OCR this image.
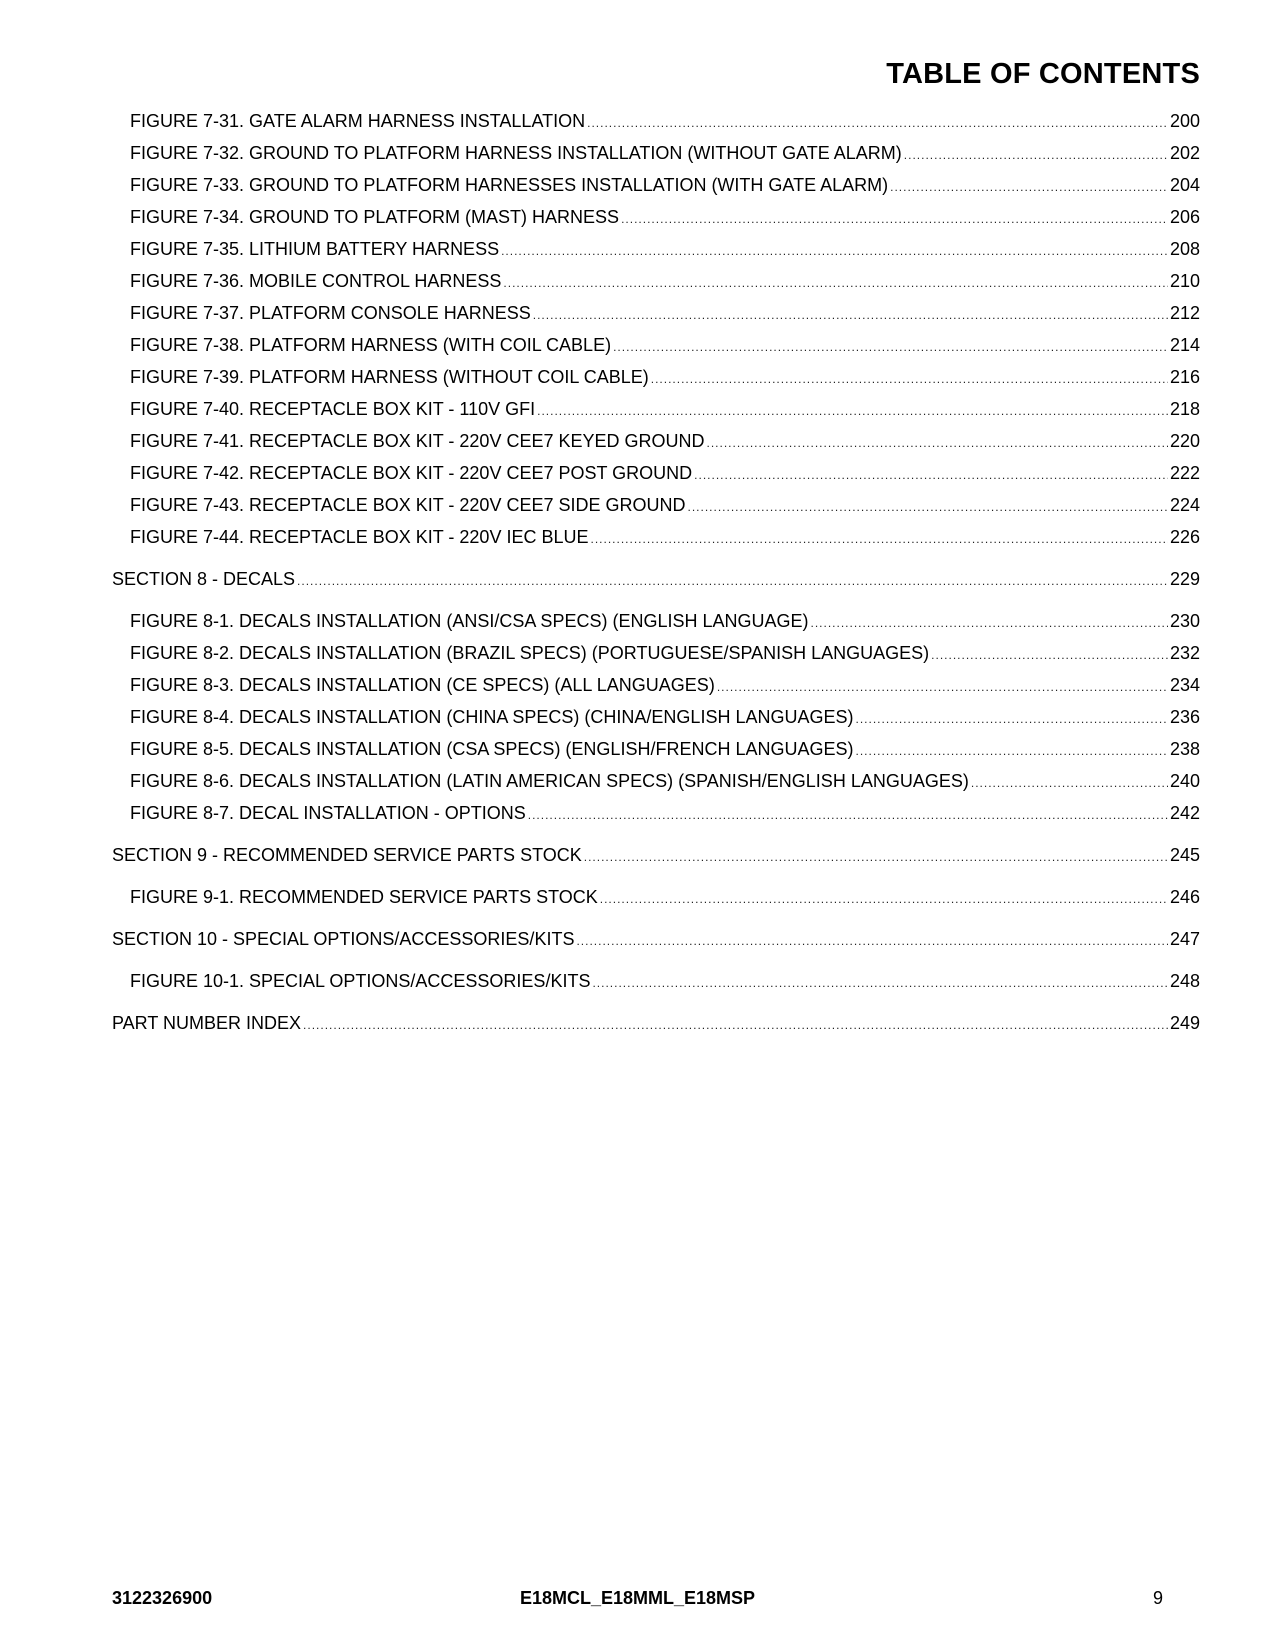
TABLE OF CONTENTS
FIGURE 7-31. GATE ALARM HARNESS INSTALLATION .....	200
FIGURE 7-32. GROUND TO PLATFORM HARNESS INSTALLATION (WITHOUT GATE ALARM) .....	202
FIGURE 7-33. GROUND TO PLATFORM HARNESSES INSTALLATION (WITH GATE ALARM) .....	204
FIGURE 7-34. GROUND TO PLATFORM (MAST) HARNESS .....	206
FIGURE 7-35. LITHIUM BATTERY HARNESS .....	208
FIGURE 7-36. MOBILE CONTROL HARNESS .....	210
FIGURE 7-37. PLATFORM CONSOLE HARNESS .....	212
FIGURE 7-38. PLATFORM HARNESS (WITH COIL CABLE) .....	214
FIGURE 7-39. PLATFORM HARNESS (WITHOUT COIL CABLE) .....	216
FIGURE 7-40. RECEPTACLE BOX KIT - 110V GFI .....	218
FIGURE 7-41. RECEPTACLE BOX KIT - 220V CEE7 KEYED GROUND .....	220
FIGURE 7-42. RECEPTACLE BOX KIT - 220V CEE7 POST GROUND .....	222
FIGURE 7-43. RECEPTACLE BOX KIT - 220V CEE7 SIDE GROUND .....	224
FIGURE 7-44. RECEPTACLE BOX KIT - 220V IEC BLUE .....	226
SECTION 8 - DECALS .....	229
FIGURE 8-1. DECALS INSTALLATION (ANSI/CSA SPECS) (ENGLISH LANGUAGE) .....	230
FIGURE 8-2. DECALS INSTALLATION (BRAZIL SPECS) (PORTUGUESE/SPANISH LANGUAGES) .....	232
FIGURE 8-3. DECALS INSTALLATION (CE SPECS) (ALL LANGUAGES) .....	234
FIGURE 8-4. DECALS INSTALLATION (CHINA SPECS) (CHINA/ENGLISH LANGUAGES) .....	236
FIGURE 8-5. DECALS INSTALLATION (CSA SPECS) (ENGLISH/FRENCH LANGUAGES) .....	238
FIGURE 8-6. DECALS INSTALLATION (LATIN AMERICAN SPECS) (SPANISH/ENGLISH LANGUAGES) .....	240
FIGURE 8-7. DECAL INSTALLATION - OPTIONS .....	242
SECTION 9 - RECOMMENDED SERVICE PARTS STOCK .....	245
FIGURE 9-1. RECOMMENDED SERVICE PARTS STOCK .....	246
SECTION 10 - SPECIAL OPTIONS/ACCESSORIES/KITS .....	247
FIGURE 10-1. SPECIAL OPTIONS/ACCESSORIES/KITS .....	248
PART NUMBER INDEX .....	249
3122326900	E18MCL_E18MML_E18MSP	9
